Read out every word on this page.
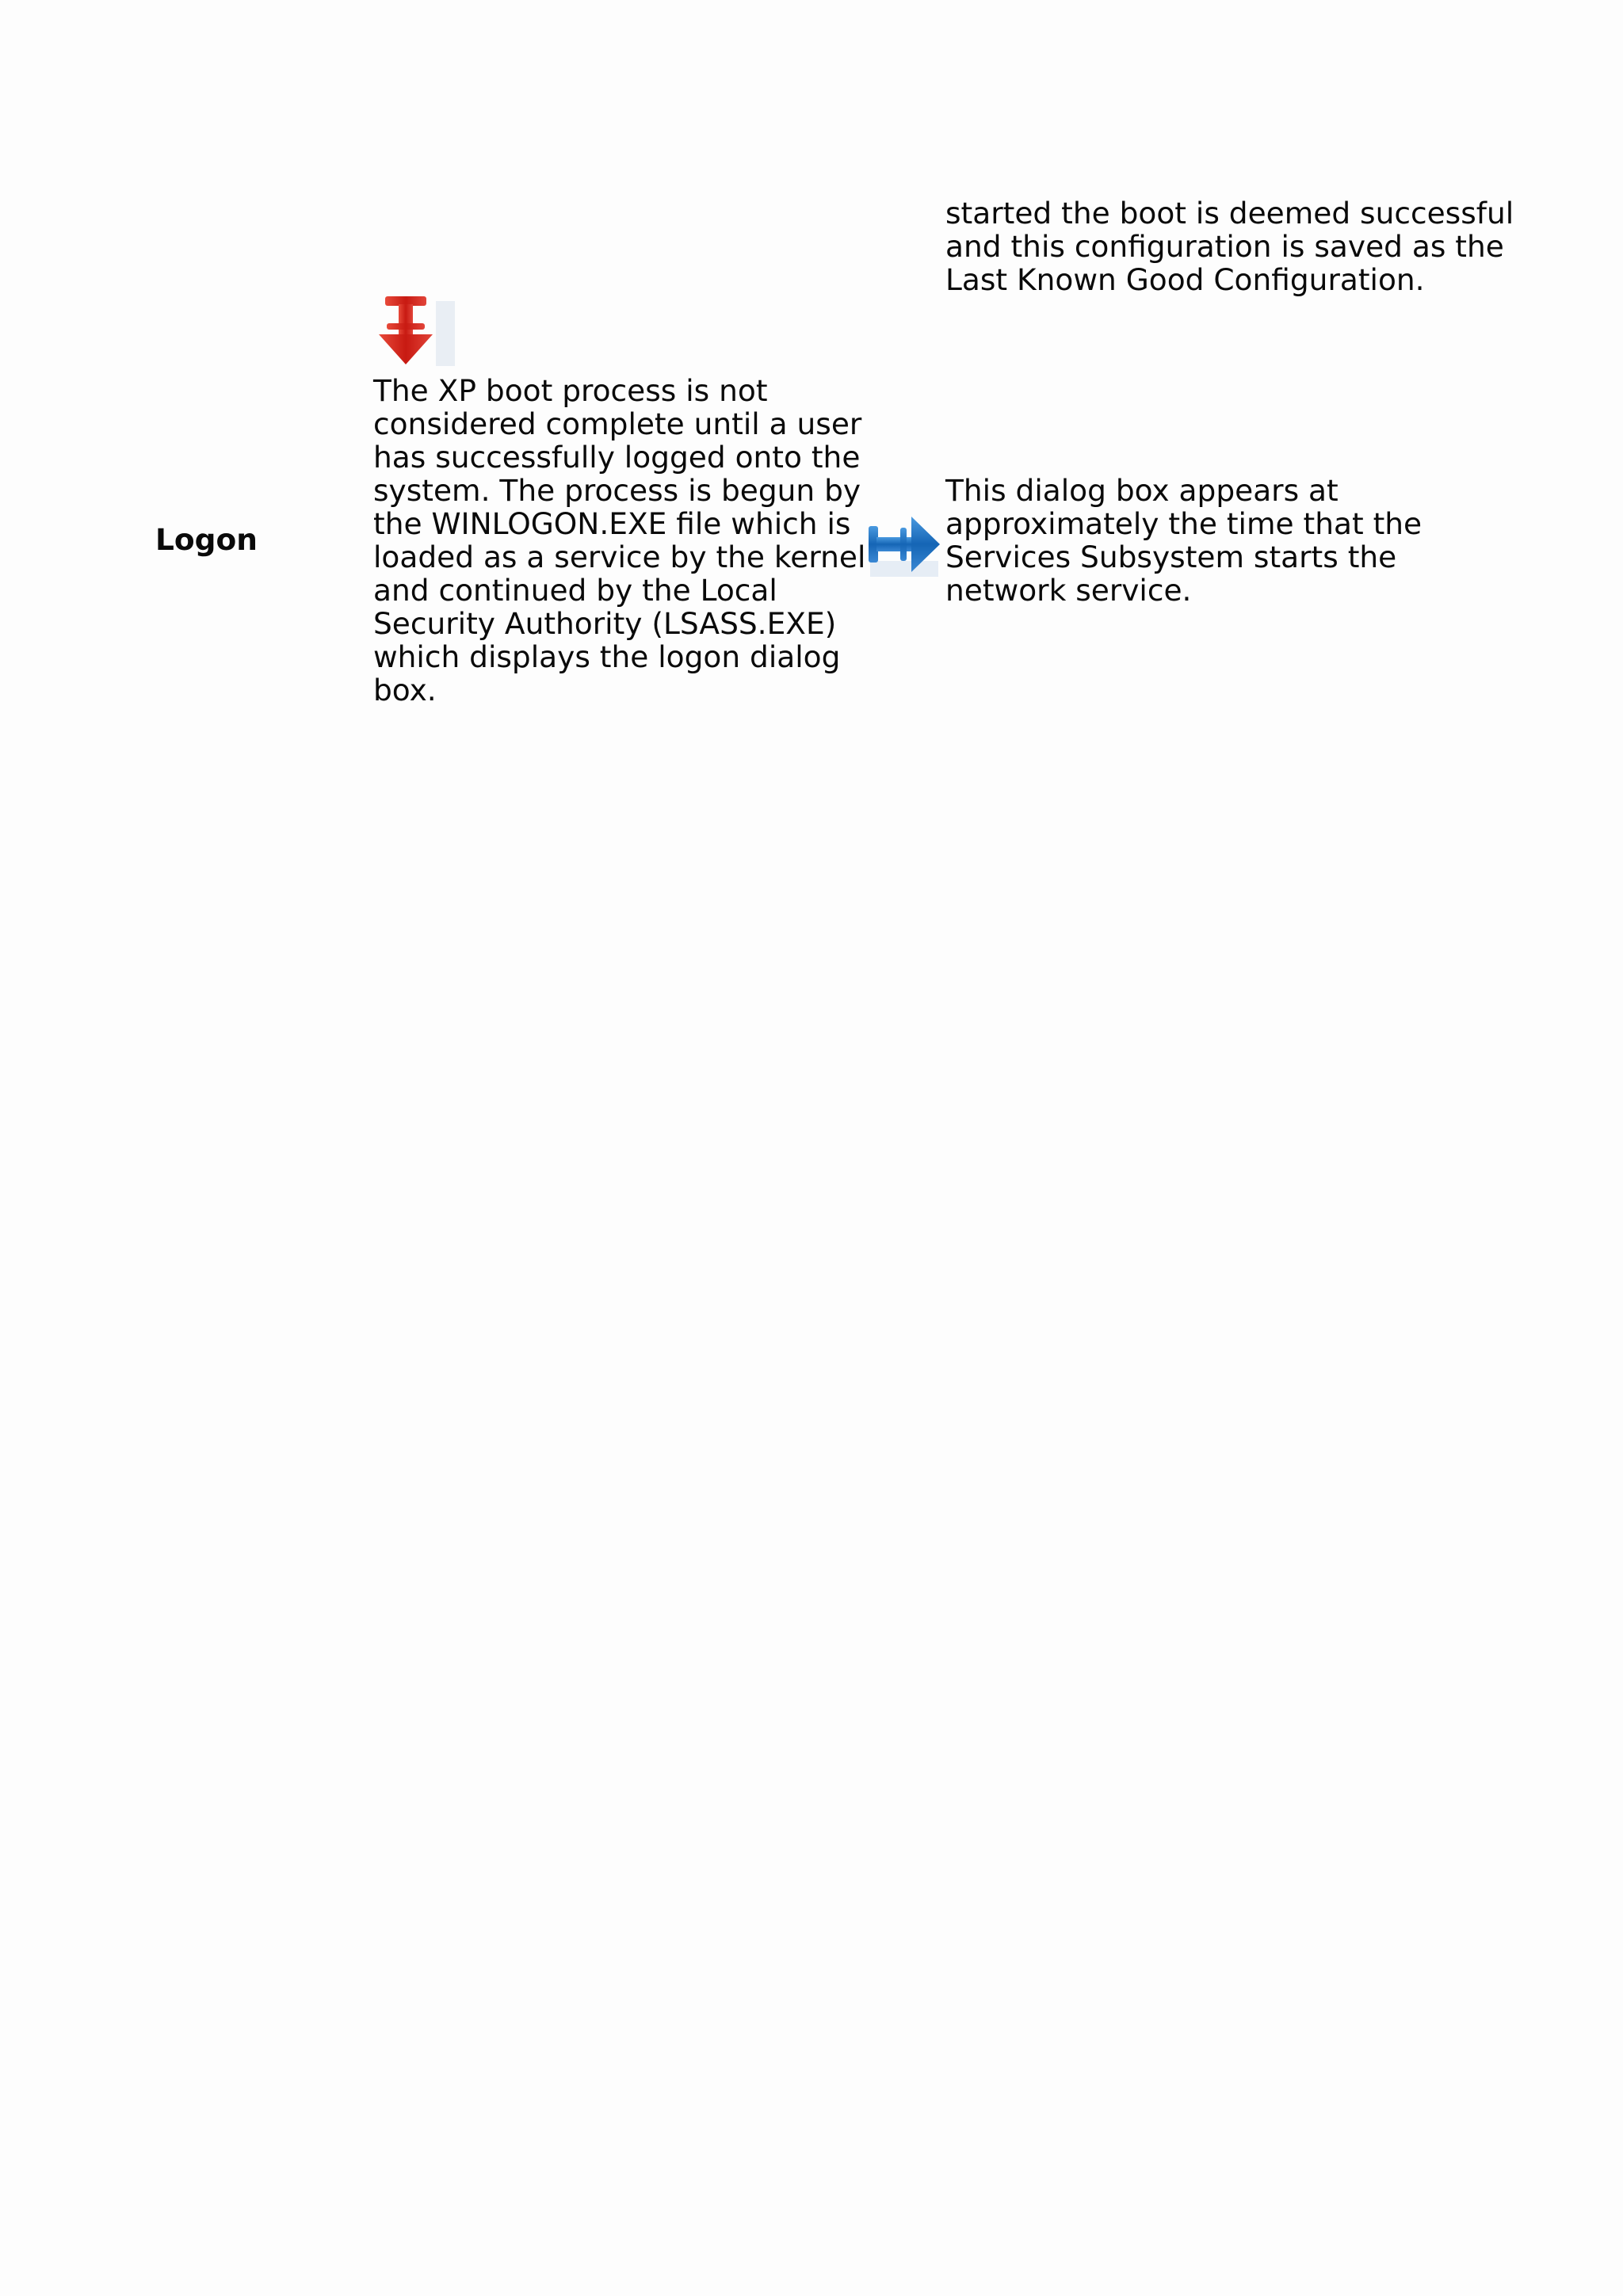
started the boot is deemed successful
and this configuration is saved as the
Last Known Good Configuration.
The XP boot process is not
considered complete until a user
has successfully logged onto the
system. The process is begun by
the WINLOGON.EXE file which is
loaded as a service by the kernel
and continued by the Local
Security Authority (LSASS.EXE)
which displays the logon dialog
box.
Logon
This dialog box appears at
approximately the time that the
Services Subsystem starts the
network service.
